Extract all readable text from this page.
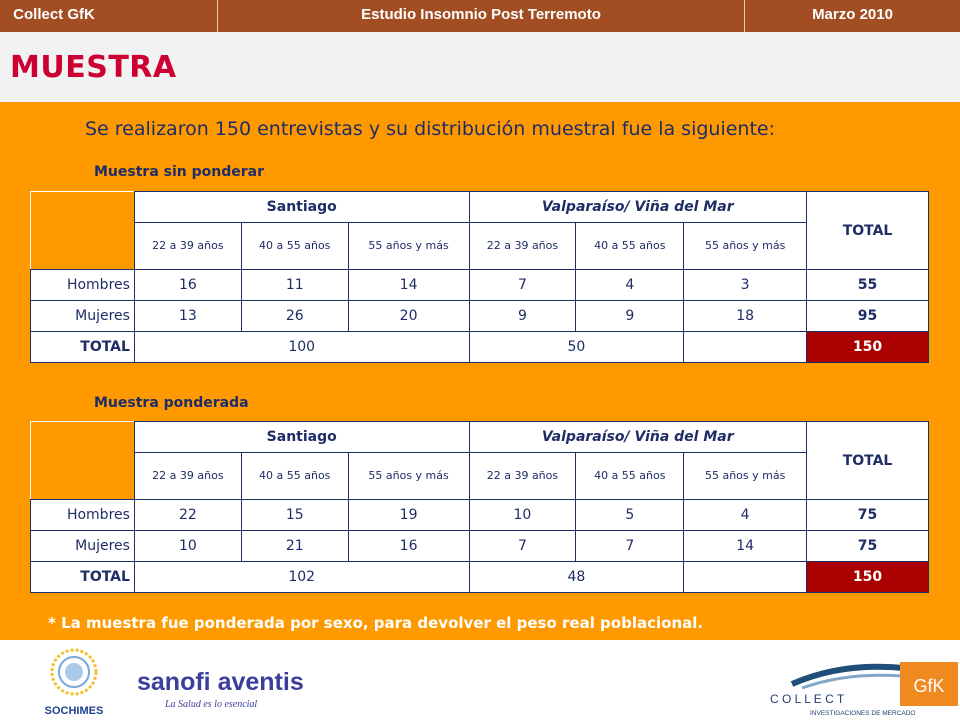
Collect GfK	Estudio Insomnio Post Terremoto	Marzo 2010
MUESTRA
Se realizaron 150 entrevistas y su distribución muestral fue la siguiente:
Muestra sin ponderar
	Santiago			Valparaíso/ Viña del Mar			TOTAL
	22 a 39 años	40 a 55 años	55 años y más	22 a 39 años	40 a 55 años	55 años y más	
Hombres	16	11	14	7	4	3	55
Mujeres	13	26	20	9	9	18	95
TOTAL	100			50			150
Muestra ponderada
	Santiago			Valparaíso/ Viña del Mar			TOTAL
	22 a 39 años	40 a 55 años	55 años y más	22 a 39 años	40 a 55 años	55 años y más	
Hombres	22	15	19	10	5	4	75
Mujeres	10	21	16	7	7	14	75
TOTAL	102			48			150
* La muestra fue ponderada por sexo, para devolver el peso real poblacional.
SOCHIMES
sanofi aventis
La Salud es lo esencial	C O L L E C T
INVESTIGACIONES DE MERCADO
GfK
